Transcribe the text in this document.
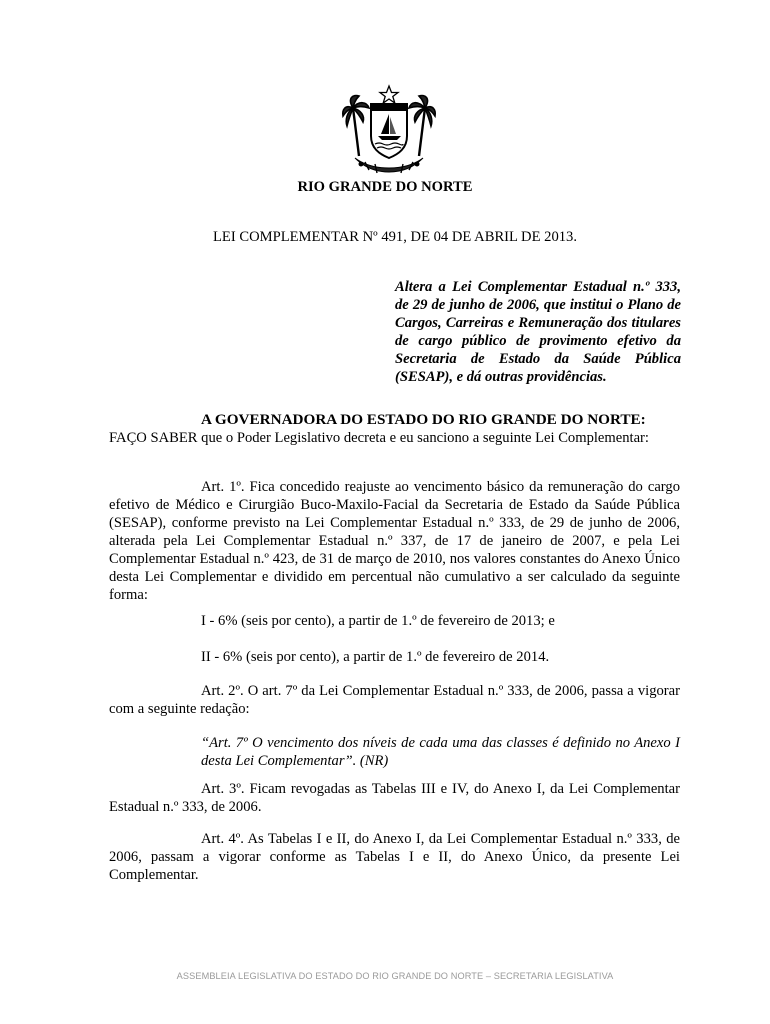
RIO GRANDE DO NORTE
LEI COMPLEMENTAR Nº 491, DE 04 DE ABRIL DE 2013.
Altera a Lei Complementar Estadual n.º 333, de 29 de junho de 2006, que institui o Plano de Cargos, Carreiras e Remuneração dos titulares de cargo público de provimento efetivo da Secretaria de Estado da Saúde Pública (SESAP), e dá outras providências.
A GOVERNADORA DO ESTADO DO RIO GRANDE DO NORTE:
FAÇO SABER que o Poder Legislativo decreta e eu sanciono a seguinte Lei Complementar:
Art. 1º. Fica concedido reajuste ao vencimento básico da remuneração do cargo efetivo de Médico e Cirurgião Buco-Maxilo-Facial da Secretaria de Estado da Saúde Pública (SESAP), conforme previsto na Lei Complementar Estadual n.º 333, de 29 de junho de 2006, alterada pela Lei Complementar Estadual n.º 337, de 17 de janeiro de 2007, e pela Lei Complementar Estadual n.º 423, de 31 de março de 2010, nos valores constantes do Anexo Único desta Lei Complementar e dividido em percentual não cumulativo a ser calculado da seguinte forma:
I - 6% (seis por cento), a partir de 1.º de fevereiro de 2013; e
II - 6% (seis por cento), a partir de 1.º de fevereiro de 2014.
Art. 2º. O art. 7º da Lei Complementar Estadual n.º 333, de 2006, passa a vigorar com a seguinte redação:
“Art. 7º O vencimento dos níveis de cada uma das classes é definido no Anexo I desta Lei Complementar”. (NR)
Art. 3º. Ficam revogadas as Tabelas III e IV, do Anexo I, da Lei Complementar Estadual n.º 333, de 2006.
Art. 4º. As Tabelas I e II, do Anexo I, da Lei Complementar Estadual n.º 333, de 2006, passam a vigorar conforme as Tabelas I e II, do Anexo Único, da presente Lei Complementar.
ASSEMBLEIA LEGISLATIVA DO ESTADO DO RIO GRANDE DO NORTE – SECRETARIA LEGISLATIVA
